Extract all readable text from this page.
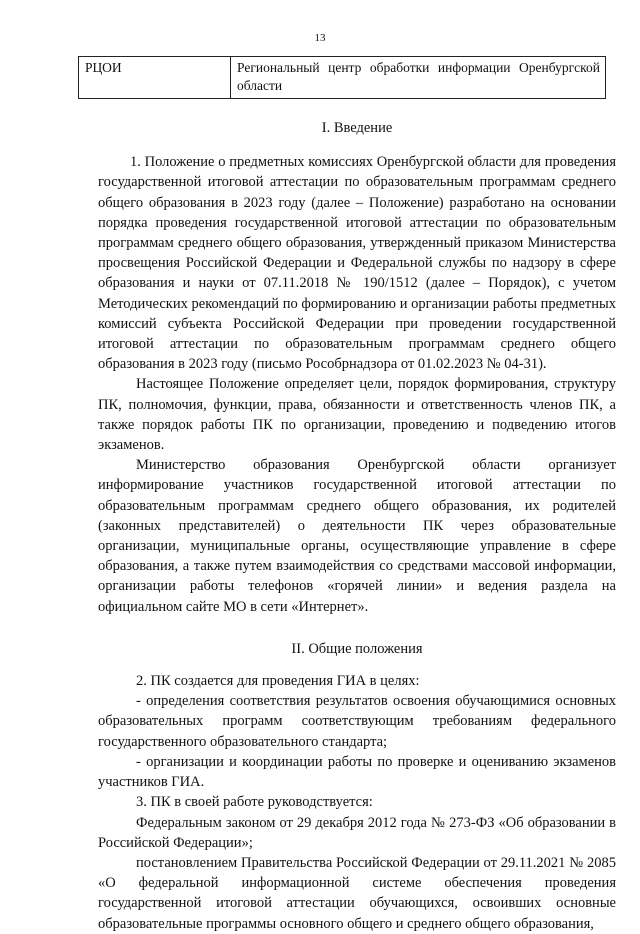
13
РЦОИ	Региональный центр обработки информации Оренбургской области
I. Введение

1. Положение о предметных комиссиях Оренбургской области для проведения государственной итоговой аттестации по образовательным программам среднего общего образования в 2023 году (далее – Положение) разработано на основании порядка проведения государственной итоговой аттестации по образовательным программам среднего общего образования, утвержденный приказом Министерства просвещения Российской Федерации и Федеральной службы по надзору в сфере образования и науки от 07.11.2018 № 190/1512 (далее – Порядок), с учетом Методических рекомендаций по формированию и организации работы предметных комиссий субъекта Российской Федерации при проведении государственной итоговой аттестации по образовательным программам среднего общего образования в 2023 году (письмо Рособрнадзора от 01.02.2023 № 04-31).

Настоящее Положение определяет цели, порядок формирования, структуру ПК, полномочия, функции, права, обязанности и ответственность членов ПК, а также порядок работы ПК по организации, проведению и подведению итогов экзаменов.

Министерство образования Оренбургской области организует информирование участников государственной итоговой аттестации по образовательным программам среднего общего образования, их родителей (законных представителей) о деятельности ПК через образовательные организации, муниципальные органы, осуществляющие управление в сфере образования, а также путем взаимодействия со средствами массовой информации, организации работы телефонов «горячей линии» и ведения раздела на официальном сайте МО в сети «Интернет».

II. Общие положения

2. ПК создается для проведения ГИА в целях:

- определения соответствия результатов освоения обучающимися основных образовательных программ соответствующим требованиям федерального государственного образовательного стандарта;

- организации и координации работы по проверке и оцениванию экзаменов участников ГИА.

3. ПК в своей работе руководствуется:

Федеральным законом от 29 декабря 2012 года № 273-ФЗ «Об образовании в Российской Федерации»;

постановлением Правительства Российской Федерации от 29.11.2021 № 2085 «О федеральной информационной системе обеспечения проведения государственной итоговой аттестации обучающихся, освоивших основные образовательные программы основного общего и среднего общего образования,
